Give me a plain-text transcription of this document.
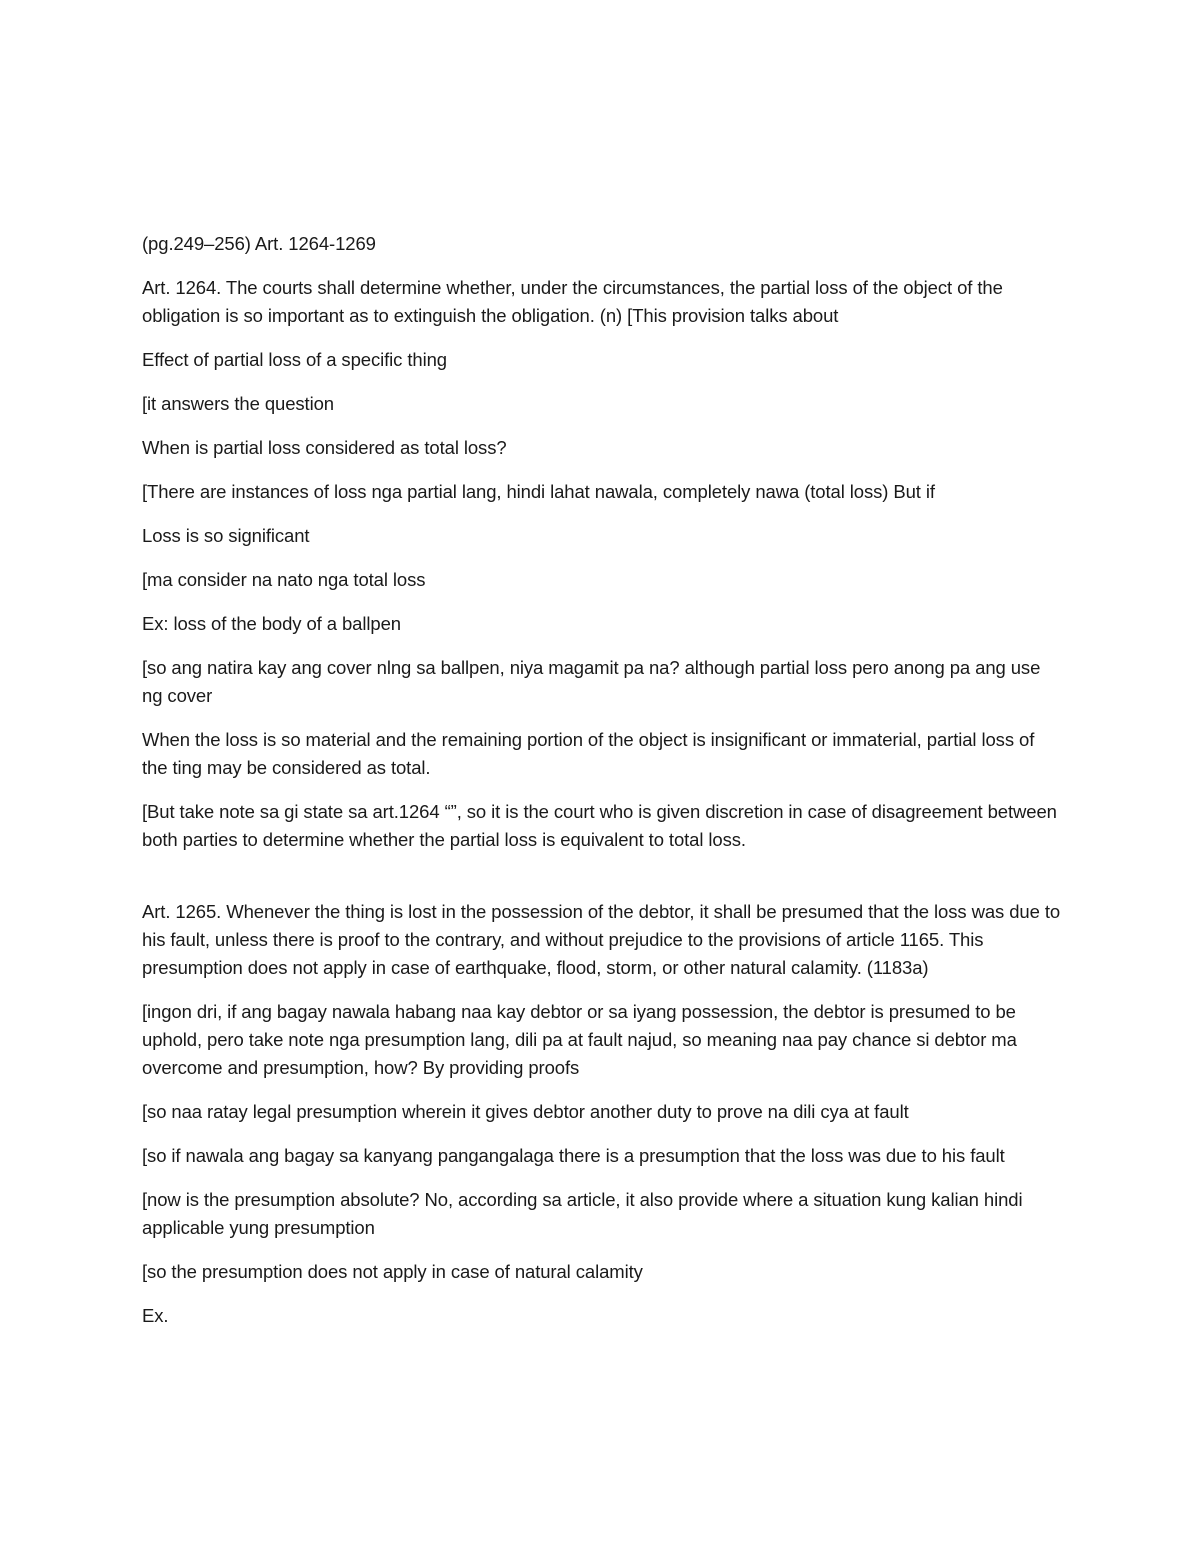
(pg.249–256) Art. 1264-1269

Art. 1264. The courts shall determine whether, under the circumstances, the partial loss of the object of the obligation is so important as to extinguish the obligation. (n) [This provision talks about

Effect of partial loss of a specific thing

[it answers the question

When is partial loss considered as total loss?

[There are instances of loss nga partial lang, hindi lahat nawala, completely nawa (total loss) But if

Loss is so significant

[ma consider na nato nga total loss

Ex: loss of the body of a ballpen

[so ang natira kay ang cover nlng sa ballpen, niya magamit pa na? although partial loss pero anong pa ang use ng cover

When the loss is so material and the remaining portion of the object is insignificant or immaterial, partial loss of the ting may be considered as total.

[But take note sa gi state sa art.1264 “”, so it is the court who is given discretion in case of disagreement between both parties to determine whether the partial loss is equivalent to total loss.

Art. 1265. Whenever the thing is lost in the possession of the debtor, it shall be presumed that the loss was due to his fault, unless there is proof to the contrary, and without prejudice to the provisions of article 1165. This presumption does not apply in case of earthquake, flood, storm, or other natural calamity. (1183a)

[ingon dri, if ang bagay nawala habang naa kay debtor or sa iyang possession, the debtor is presumed to be uphold, pero take note nga presumption lang, dili pa at fault najud, so meaning naa pay chance si debtor ma overcome and presumption, how? By providing proofs

[so naa ratay legal presumption wherein it gives debtor another duty to prove na dili cya at fault

[so if nawala ang bagay sa kanyang pangangalaga there is a presumption that the loss was due to his fault

[now is the presumption absolute? No, according sa article, it also provide where a situation kung kalian hindi applicable yung presumption

[so the presumption does not apply in case of natural calamity

Ex.
